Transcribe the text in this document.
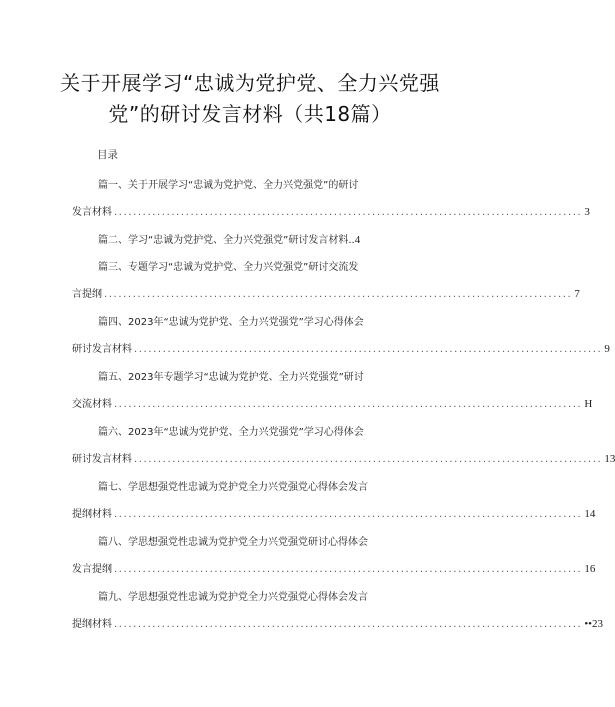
关于开展学习“忠诚为党护党、全力兴党强
党”的研讨发言材料（共18篇）
目录
篇一、关于开展学习“忠诚为党护党、全力兴党强党”的研讨
发言材料 .................................................................................................. 3
篇二、学习“忠诚为党护党、全力兴党强党”研讨发言材料..4
篇三、专题学习“忠诚为党护党、全力兴党强党”研讨交流发
言提纲 .................................................................................................. 7
篇四、2023年“忠诚为党护党、全力兴党强党”学习心得体会
研讨发言材料 .................................................................................................. 9
篇五、2023年专题学习“忠诚为党护党、全力兴党强党”研讨
交流材料 .................................................................................................. H
篇六、2023年“忠诚为党护党、全力兴党强党”学习心得体会
研讨发言材料 .................................................................................................. 13
篇七、学思想强党性忠诚为党护党全力兴党强党心得体会发言
提纲材料 .................................................................................................. 14
篇八、学思想强党性忠诚为党护党全力兴党强党研讨心得体会
发言提纲 .................................................................................................. 16
篇九、学思想强党性忠诚为党护党全力兴党强党心得体会发言
提纲材料 .................................................................................................. ••23
